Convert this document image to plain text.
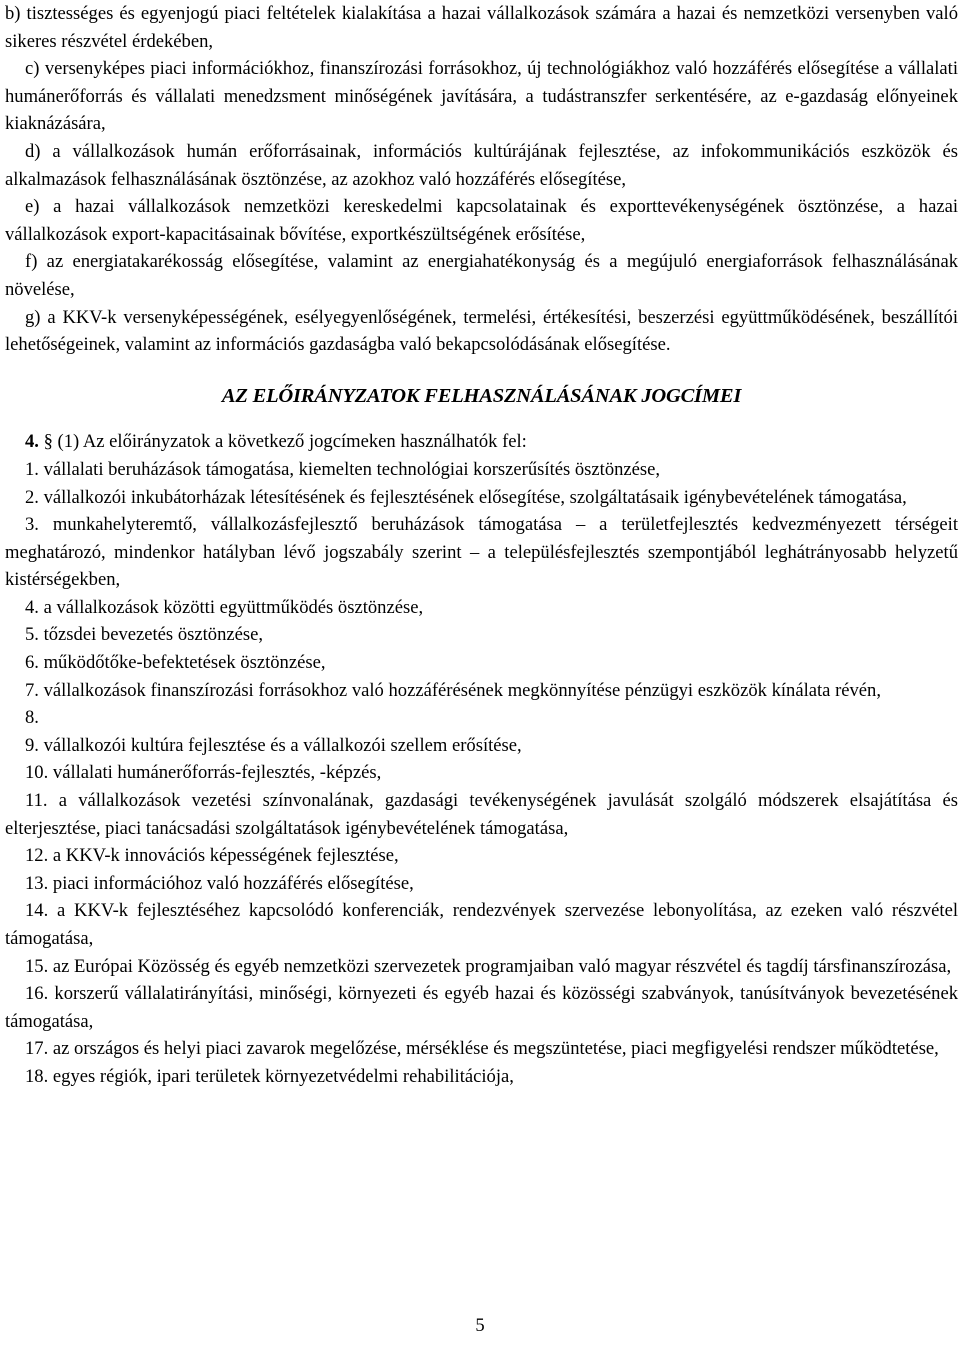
b) tisztességes és egyenjogú piaci feltételek kialakítása a hazai vállalkozások számára a hazai és nemzetközi versenyben való sikeres részvétel érdekében,

c) versenyképes piaci információkhoz, finanszírozási forrásokhoz, új technológiákhoz való hozzáférés elősegítése a vállalati humánerőforrás és vállalati menedzsment minőségének javítására, a tudástranszfer serkentésére, az e-gazdaság előnyeinek kiaknázására,

d) a vállalkozások humán erőforrásainak, információs kultúrájának fejlesztése, az infokommunikációs eszközök és alkalmazások felhasználásának ösztönzése, az azokhoz való hozzáférés elősegítése,

e) a hazai vállalkozások nemzetközi kereskedelmi kapcsolatainak és exporttevékenységének ösztönzése, a hazai vállalkozások export-kapacitásainak bővítése, exportkészültségének erősítése,

f) az energiatakarékosság elősegítése, valamint az energiahatékonyság és a megújuló energiaforrások felhasználásának növelése,

g) a KKV-k versenyképességének, esélyegyenlőségének, termelési, értékesítési, beszerzési együttműködésének, beszállítói lehetőségeinek, valamint az információs gazdaságba való bekapcsolódásának elősegítése.

AZ ELŐIRÁNYZATOK FELHASZNÁLÁSÁNAK JOGCÍMEI

4. § (1) Az előirányzatok a következő jogcímeken használhatók fel:

1. vállalati beruházások támogatása, kiemelten technológiai korszerűsítés ösztönzése,

2. vállalkozói inkubátorházak létesítésének és fejlesztésének elősegítése, szolgáltatásaik igénybevételének támogatása,

3. munkahelyteremtő, vállalkozásfejlesztő beruházások támogatása – a területfejlesztés kedvezményezett térségeit meghatározó, mindenkor hatályban lévő jogszabály szerint – a településfejlesztés szempontjából leghátrányosabb helyzetű kistérségekben,

4. a vállalkozások közötti együttműködés ösztönzése,

5. tőzsdei bevezetés ösztönzése,

6. működőtőke-befektetések ösztönzése,

7. vállalkozások finanszírozási forrásokhoz való hozzáférésének megkönnyítése pénzügyi eszközök kínálata révén,

8.

9. vállalkozói kultúra fejlesztése és a vállalkozói szellem erősítése,

10. vállalati humánerőforrás-fejlesztés, -képzés,

11. a vállalkozások vezetési színvonalának, gazdasági tevékenységének javulását szolgáló módszerek elsajátítása és elterjesztése, piaci tanácsadási szolgáltatások igénybevételének támogatása,

12. a KKV-k innovációs képességének fejlesztése,

13. piaci információhoz való hozzáférés elősegítése,

14. a KKV-k fejlesztéséhez kapcsolódó konferenciák, rendezvények szervezése lebonyolítása, az ezeken való részvétel támogatása,

15. az Európai Közösség és egyéb nemzetközi szervezetek programjaiban való magyar részvétel és tagdíj társfinanszírozása,

16. korszerű vállalatirányítási, minőségi, környezeti és egyéb hazai és közösségi szabványok, tanúsítványok bevezetésének támogatása,

17. az országos és helyi piaci zavarok megelőzése, mérséklése és megszüntetése, piaci megfigyelési rendszer működtetése,

18. egyes régiók, ipari területek környezetvédelmi rehabilitációja,

5
